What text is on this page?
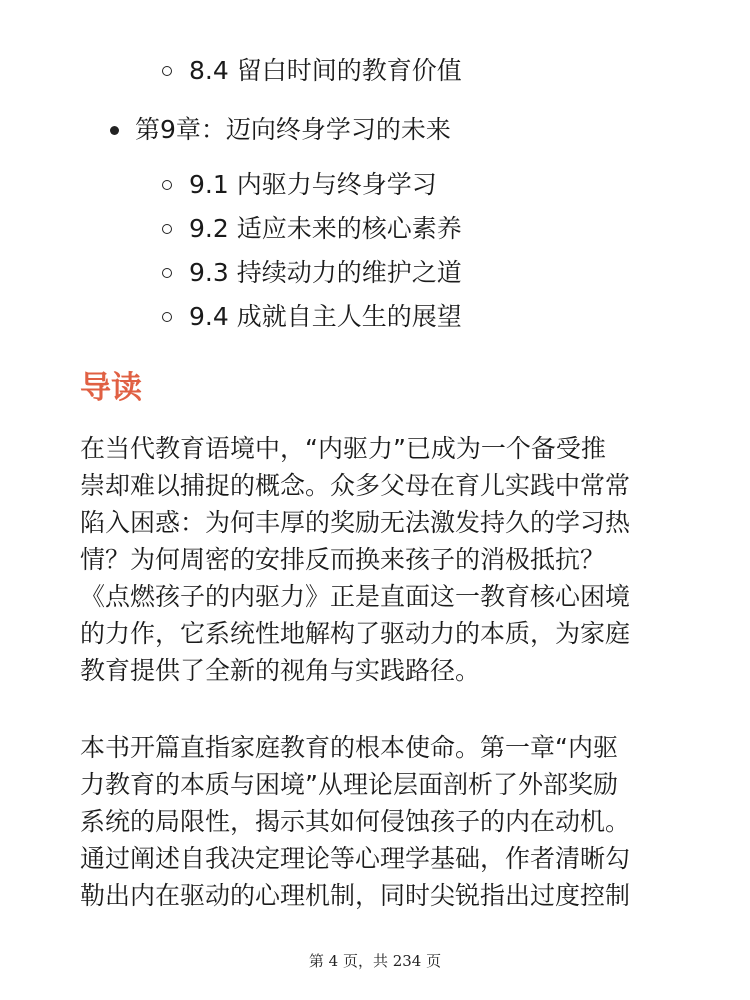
8.4 留白时间的教育价值
第9章：迈向终身学习的未来
9.1 内驱力与终身学习
9.2 适应未来的核心素养
9.3 持续动力的维护之道
9.4 成就自主人生的展望
导读
在当代教育语境中，“内驱力”已成为一个备受推
崇却难以捕捉的概念。众多父母在育儿实践中常常
陷入困惑：为何丰厚的奖励无法激发持久的学习热
情？为何周密的安排反而换来孩子的消极抵抗？
《点燃孩子的内驱力》正是直面这一教育核心困境
的力作，它系统性地解构了驱动力的本质，为家庭
教育提供了全新的视角与实践路径。
本书开篇直指家庭教育的根本使命。第一章“内驱
力教育的本质与困境”从理论层面剖析了外部奖励
系统的局限性，揭示其如何侵蚀孩子的内在动机。
通过阐述自我决定理论等心理学基础，作者清晰勾
勒出内在驱动的心理机制，同时尖锐指出过度控制
第 4 页，共 234 页
